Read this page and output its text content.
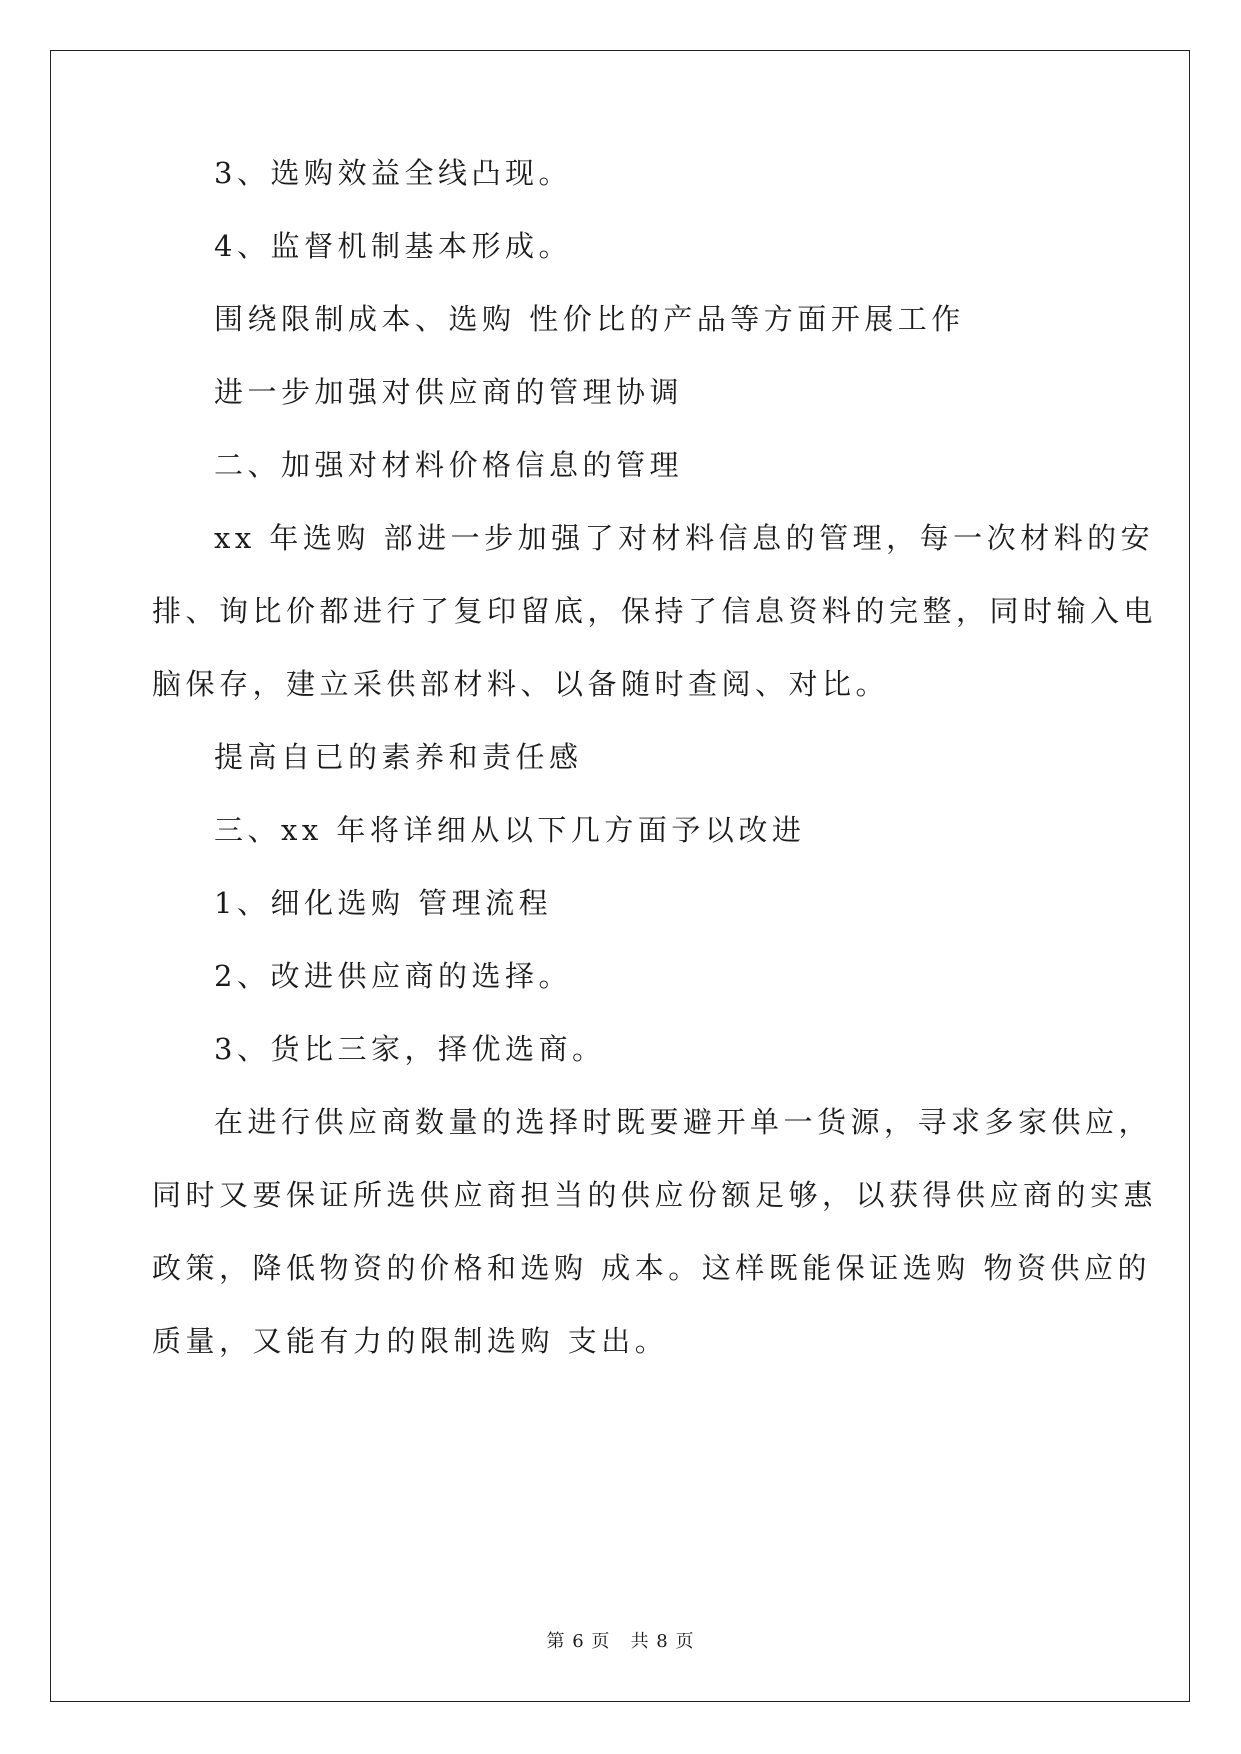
3、选购效益全线凸现。
4、监督机制基本形成。
围绕限制成本、选购 性价比的产品等方面开展工作
进一步加强对供应商的管理协调
二、加强对材料价格信息的管理
xx 年选购 部进一步加强了对材料信息的管理，每一次材料的安
排、询比价都进行了复印留底，保持了信息资料的完整，同时输入电
脑保存，建立采供部材料、以备随时查阅、对比。
提高自已的素养和责任感
三、xx 年将详细从以下几方面予以改进
1、细化选购 管理流程
2、改进供应商的选择。
3、货比三家，择优选商。
在进行供应商数量的选择时既要避开单一货源，寻求多家供应，
同时又要保证所选供应商担当的供应份额足够，以获得供应商的实惠
政策，降低物资的价格和选购 成本。这样既能保证选购 物资供应的
质量，又能有力的限制选购 支出。
第 6 页   共 8 页
